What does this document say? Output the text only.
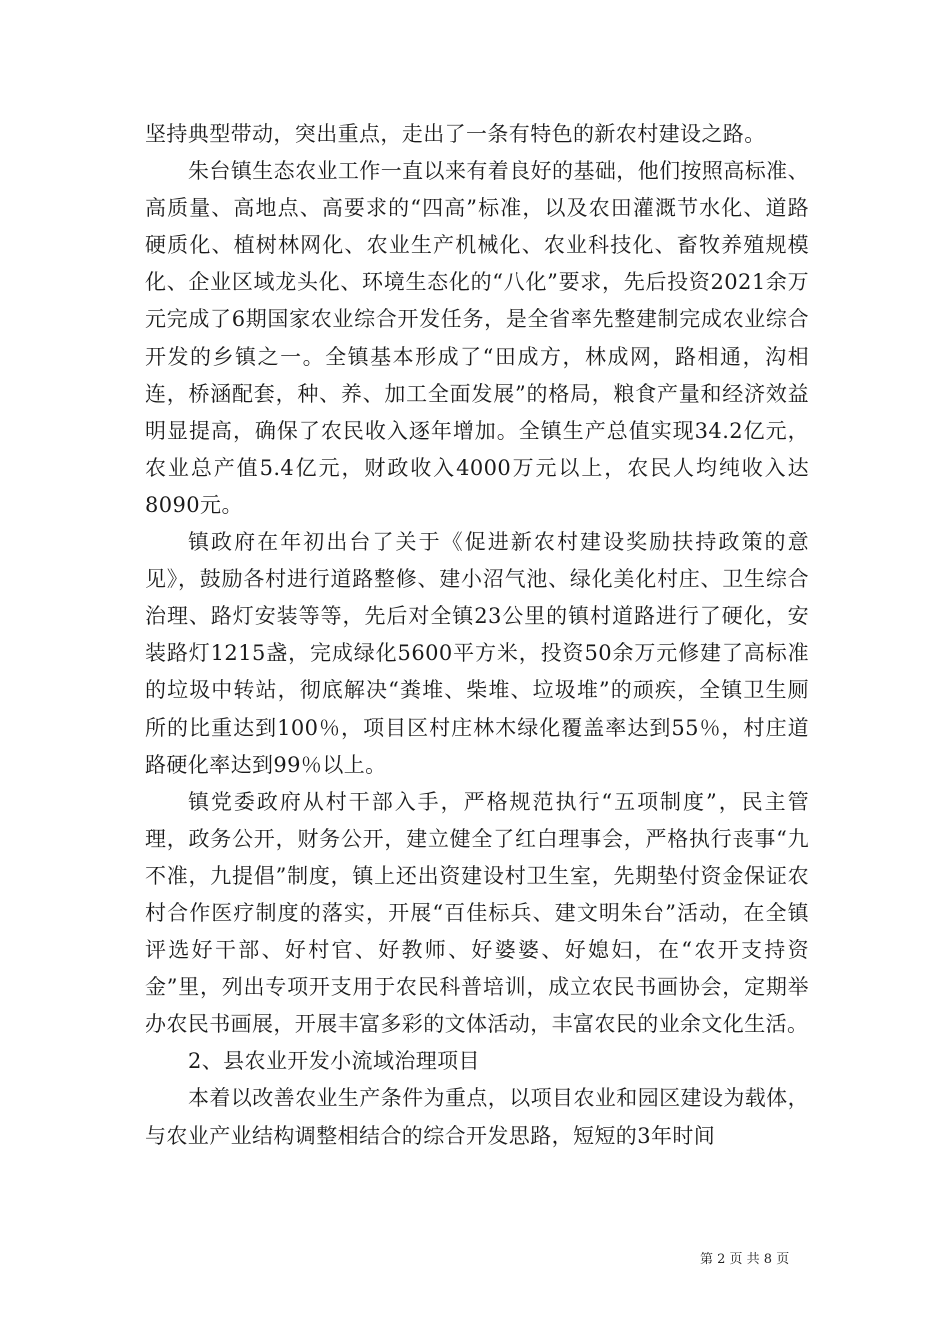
坚持典型带动，突出重点，走出了一条有特色的新农村建设之路。

朱台镇生态农业工作一直以来有着良好的基础，他们按照高标准、高质量、高地点、高要求的“四高”标准，以及农田灌溉节水化、道路硬质化、植树林网化、农业生产机械化、农业科技化、畜牧养殖规模化、企业区域龙头化、环境生态化的“八化”要求，先后投资2021余万元完成了6期国家农业综合开发任务，是全省率先整建制完成农业综合开发的乡镇之一。全镇基本形成了“田成方，林成网，路相通，沟相连，桥涵配套，种、养、加工全面发展”的格局，粮食产量和经济效益明显提高，确保了农民收入逐年增加。全镇生产总值实现34.2亿元，农业总产值5.4亿元，财政收入4000万元以上，农民人均纯收入达8090元。

镇政府在年初出台了关于《促进新农村建设奖励扶持政策的意见》，鼓励各村进行道路整修、建小沼气池、绿化美化村庄、卫生综合治理、路灯安装等等，先后对全镇23公里的镇村道路进行了硬化，安装路灯1215盏，完成绿化5600平方米，投资50余万元修建了高标准的垃圾中转站，彻底解决“粪堆、柴堆、垃圾堆”的顽疾，全镇卫生厕所的比重达到100％，项目区村庄林木绿化覆盖率达到55％，村庄道路硬化率达到99％以上。

镇党委政府从村干部入手，严格规范执行“五项制度”，民主管理，政务公开，财务公开，建立健全了红白理事会，严格执行丧事“九不准，九提倡”制度，镇上还出资建设村卫生室，先期垫付资金保证农村合作医疗制度的落实，开展“百佳标兵、建文明朱台”活动，在全镇评选好干部、好村官、好教师、好婆婆、好媳妇，在“农开支持资金”里，列出专项开支用于农民科普培训，成立农民书画协会，定期举办农民书画展，开展丰富多彩的文体活动，丰富农民的业余文化生活。

2、县农业开发小流域治理项目

本着以改善农业生产条件为重点，以项目农业和园区建设为载体，与农业产业结构调整相结合的综合开发思路，短短的3年时间

第 2 页 共 8 页
